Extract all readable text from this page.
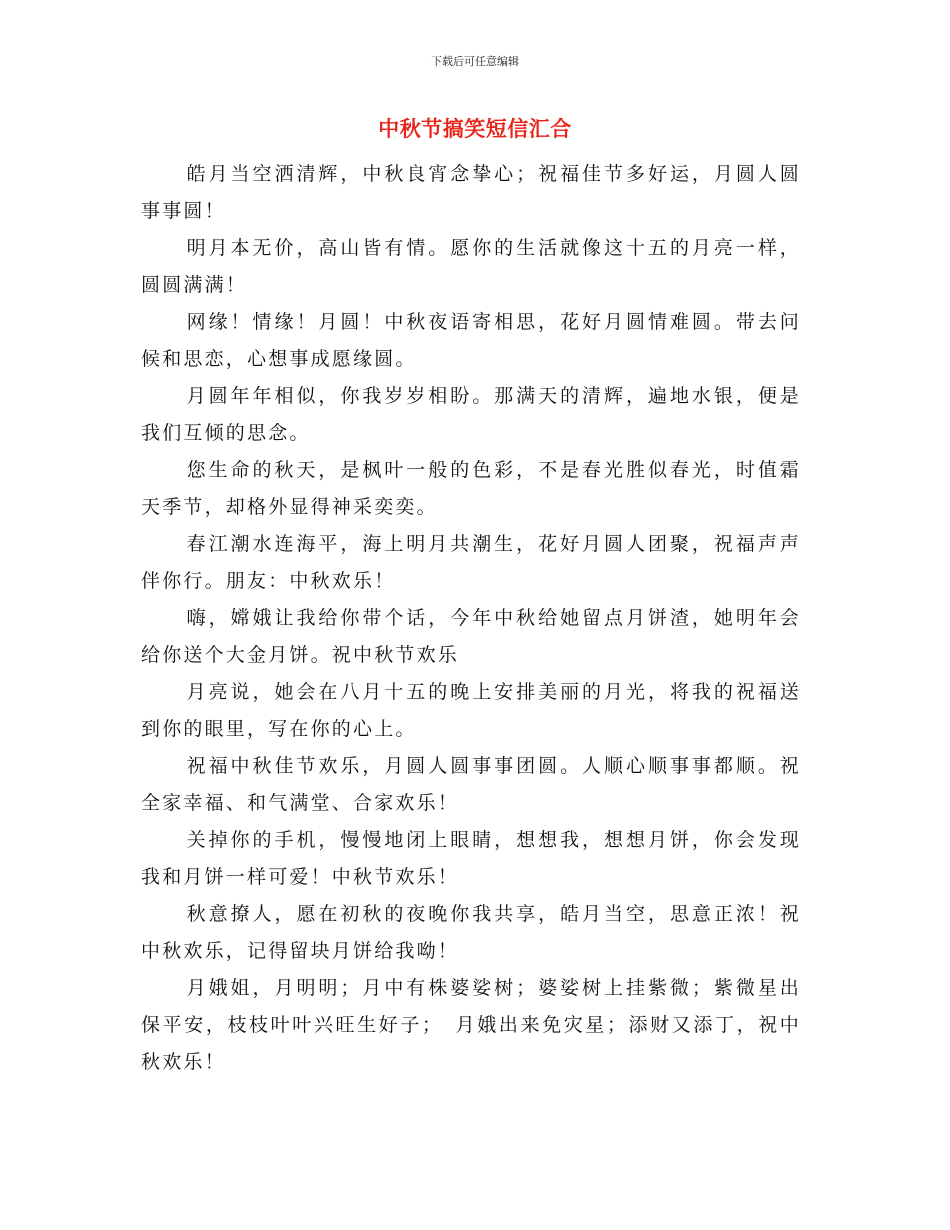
下载后可任意编辑
中秋节搞笑短信汇合

皓月当空洒清辉，中秋良宵念挚心；祝福佳节多好运，月圆人圆事事圆！

明月本无价，高山皆有情。愿你的生活就像这十五的月亮一样，圆圆满满！

网缘！情缘！月圆！中秋夜语寄相思，花好月圆情难圆。带去问候和思恋，心想事成愿缘圆。

月圆年年相似，你我岁岁相盼。那满天的清辉，遍地水银，便是我们互倾的思念。

您生命的秋天，是枫叶一般的色彩，不是春光胜似春光，时值霜天季节，却格外显得神采奕奕。

春江潮水连海平，海上明月共潮生，花好月圆人团聚，祝福声声伴你行。朋友：中秋欢乐！

嗨，嫦娥让我给你带个话，今年中秋给她留点月饼渣，她明年会给你送个大金月饼。祝中秋节欢乐

月亮说，她会在八月十五的晚上安排美丽的月光，将我的祝福送到你的眼里，写在你的心上。

祝福中秋佳节欢乐，月圆人圆事事团圆。人顺心顺事事都顺。祝全家幸福、和气满堂、合家欢乐！

关掉你的手机，慢慢地闭上眼睛，想想我，想想月饼，你会发现我和月饼一样可爱！中秋节欢乐！

秋意撩人，愿在初秋的夜晚你我共享，皓月当空，思意正浓！祝中秋欢乐，记得留块月饼给我呦！

月娥姐，月明明；月中有株婆娑树；婆娑树上挂紫微；紫微星出保平安，枝枝叶叶兴旺生好子；　月娥出来免灾星；添财又添丁，祝中秋欢乐！
